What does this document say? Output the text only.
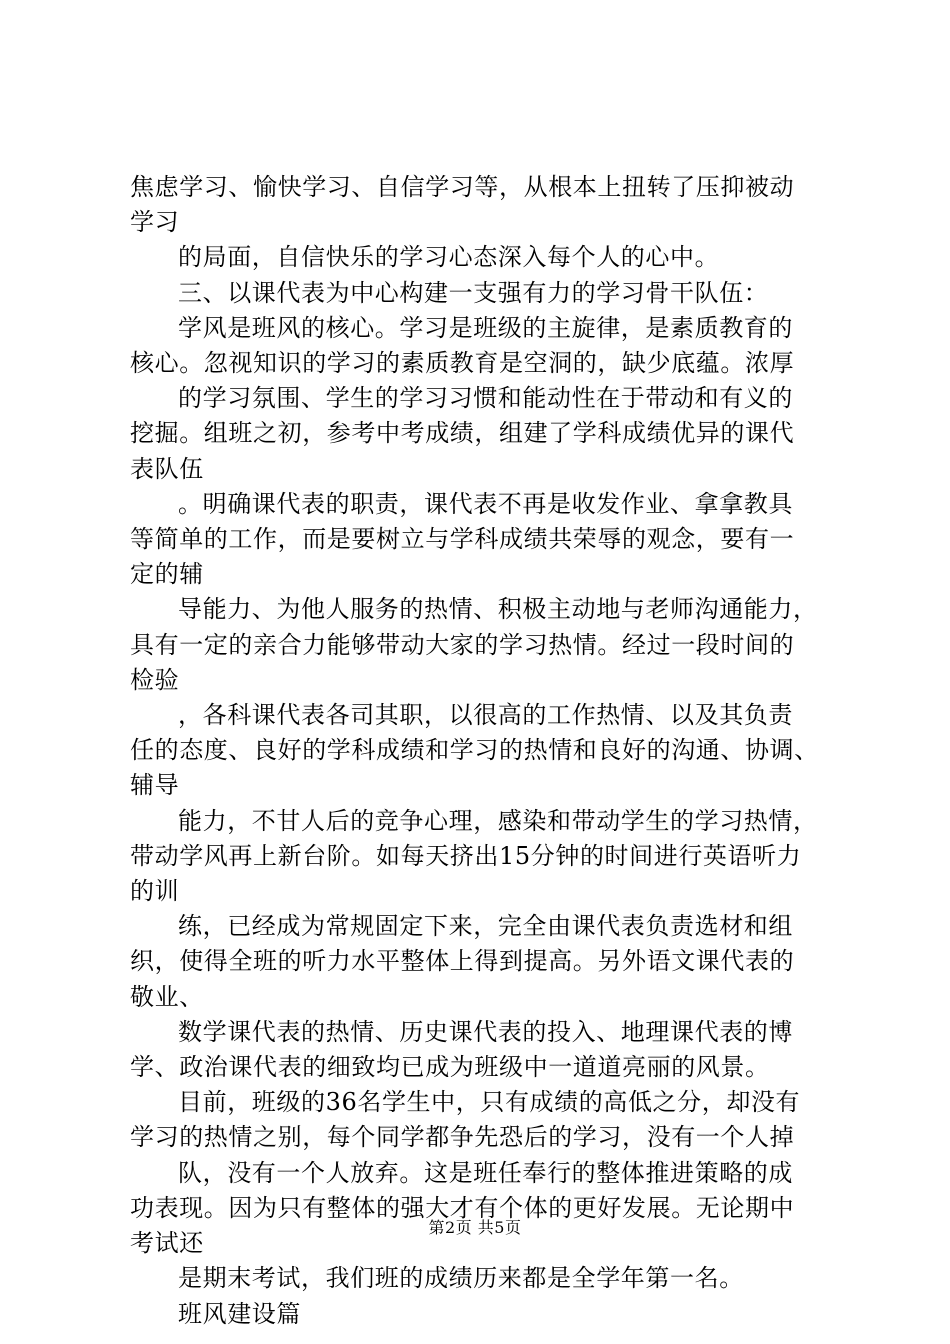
焦虑学习、愉快学习、自信学习等，从根本上扭转了压抑被动
学习
的局面，自信快乐的学习心态深入每个人的心中。
三、以课代表为中心构建一支强有力的学习骨干队伍：
学风是班风的核心。学习是班级的主旋律，是素质教育的
核心。忽视知识的学习的素质教育是空洞的，缺少底蕴。浓厚
的学习氛围、学生的学习习惯和能动性在于带动和有义的
挖掘。组班之初，参考中考成绩，组建了学科成绩优异的课代
表队伍
。明确课代表的职责，课代表不再是收发作业、拿拿教具
等简单的工作，而是要树立与学科成绩共荣辱的观念，要有一
定的辅
导能力、为他人服务的热情、积极主动地与老师沟通能力，
具有一定的亲合力能够带动大家的学习热情。经过一段时间的
检验
，各科课代表各司其职，以很高的工作热情、以及其负责
任的态度、良好的学科成绩和学习的热情和良好的沟通、协调、
辅导
能力，不甘人后的竞争心理，感染和带动学生的学习热情，
带动学风再上新台阶。如每天挤出15分钟的时间进行英语听力
的训
练，已经成为常规固定下来，完全由课代表负责选材和组
织，使得全班的听力水平整体上得到提高。另外语文课代表的
敬业、
数学课代表的热情、历史课代表的投入、地理课代表的博
学、政治课代表的细致均已成为班级中一道道亮丽的风景。
目前，班级的36名学生中，只有成绩的高低之分，却没有
学习的热情之别，每个同学都争先恐后的学习，没有一个人掉
队，没有一个人放弃。这是班任奉行的整体推进策略的成
功表现。因为只有整体的强大才有个体的更好发展。无论期中
考试还
是期末考试，我们班的成绩历来都是全学年第一名。
班风建设篇
第2页 共5页
